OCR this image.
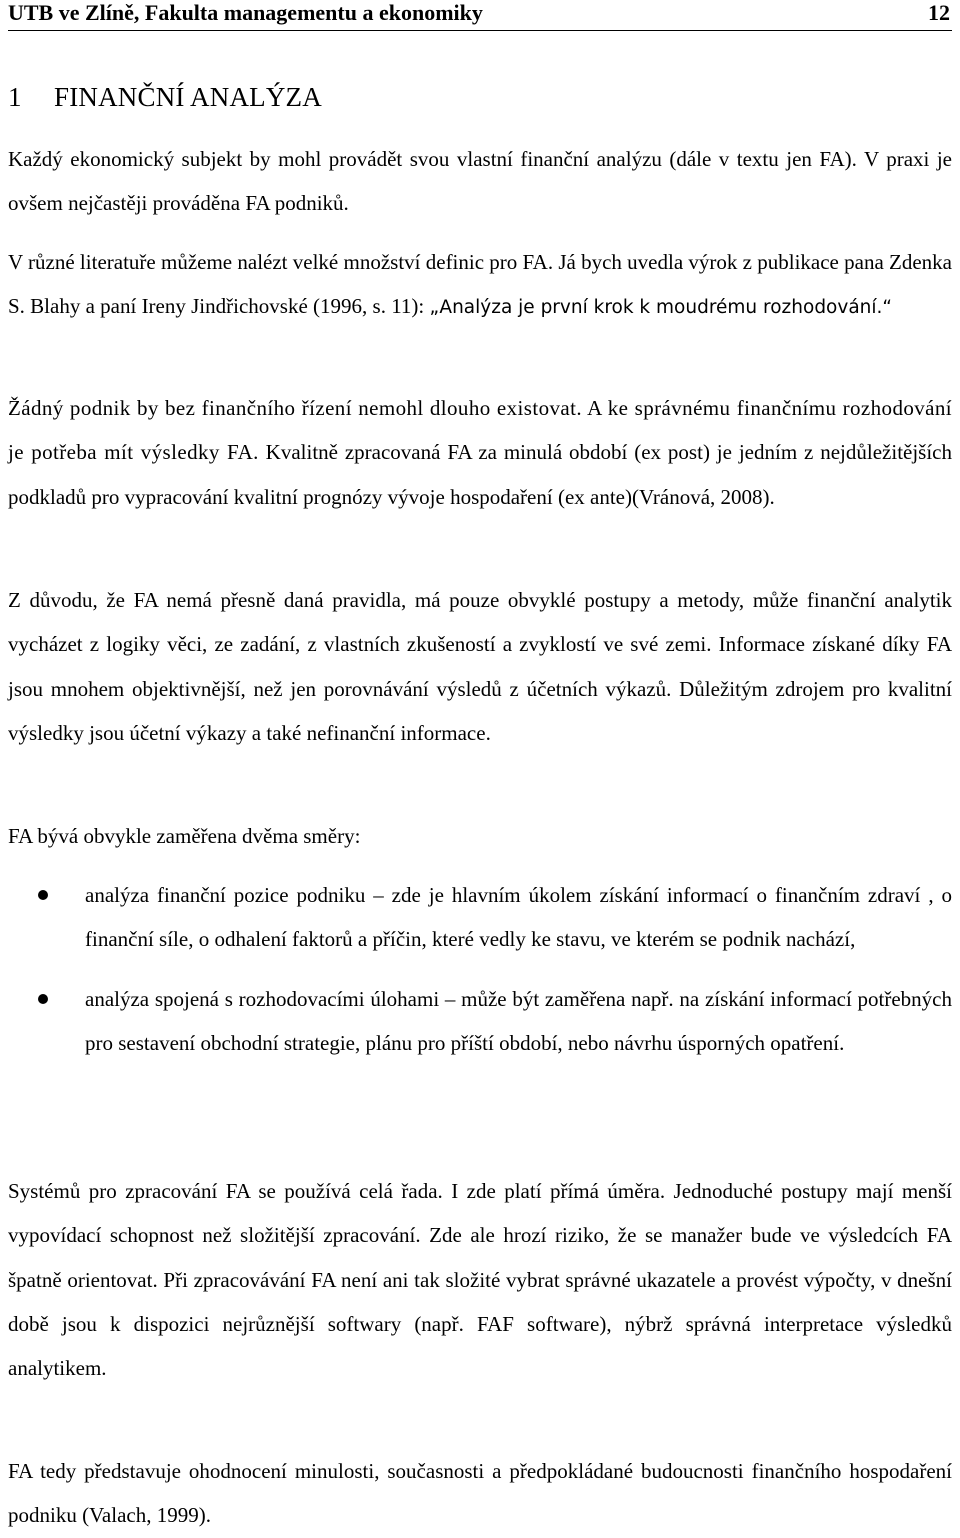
UTB ve Zlíně, Fakulta managementu a ekonomiky	12
1 FINANČNÍ ANALÝZA
Každý ekonomický subjekt by mohl provádět svou vlastní finanční analýzu (dále v textu jen FA). V praxi je ovšem nejčastěji prováděna FA podniků.
V různé literatuře můžeme nalézt velké množství definic pro FA. Já bych uvedla výrok z publikace pana Zdenka S. Blahy a paní Ireny Jindřichovské (1996, s. 11): „Analýza je první krok k moudrému rozhodování.“
Žádný podnik by bez finančního řízení nemohl dlouho existovat. A ke správnému finančnímu rozhodování je potřeba mít výsledky FA. Kvalitně zpracovaná FA za minulá období (ex post) je jedním z nejdůležitějších podkladů pro vypracování kvalitní prognózy vývoje hospodaření (ex ante)(Vránová, 2008).
Z důvodu, že FA nemá přesně daná pravidla, má pouze obvyklé postupy a metody, může finanční analytik vycházet z logiky věci, ze zadání, z vlastních zkušeností a zvyklostí ve své zemi. Informace získané díky FA jsou mnohem objektivnější, než jen porovnávání výsledů z účetních výkazů. Důležitým zdrojem pro kvalitní výsledky jsou účetní výkazy a také nefinanční informace.
FA bývá obvykle zaměřena dvěma směry:
analýza finanční pozice podniku – zde je hlavním úkolem získání informací o finančním zdraví , o finanční síle, o odhalení faktorů a příčin, které vedly ke stavu, ve kterém se podnik nachází,
analýza spojená s rozhodovacími úlohami – může být zaměřena např. na získání informací potřebných pro sestavení obchodní strategie, plánu pro příští období, nebo návrhu úsporných opatření.
Systémů pro zpracování FA se používá celá řada. I zde platí přímá úměra. Jednoduché postupy mají menší vypovídací schopnost než složitější zpracování. Zde ale hrozí riziko, že se manažer bude ve výsledcích FA špatně orientovat. Při zpracovávání FA není ani tak složité vybrat správné ukazatele a provést výpočty, v dnešní době jsou k dispozici nejrůznější softwary (např. FAF software), nýbrž správná interpretace výsledků analytikem.
FA tedy představuje ohodnocení minulosti, současnosti a předpokládané budoucnosti finančního hospodaření podniku (Valach, 1999).
